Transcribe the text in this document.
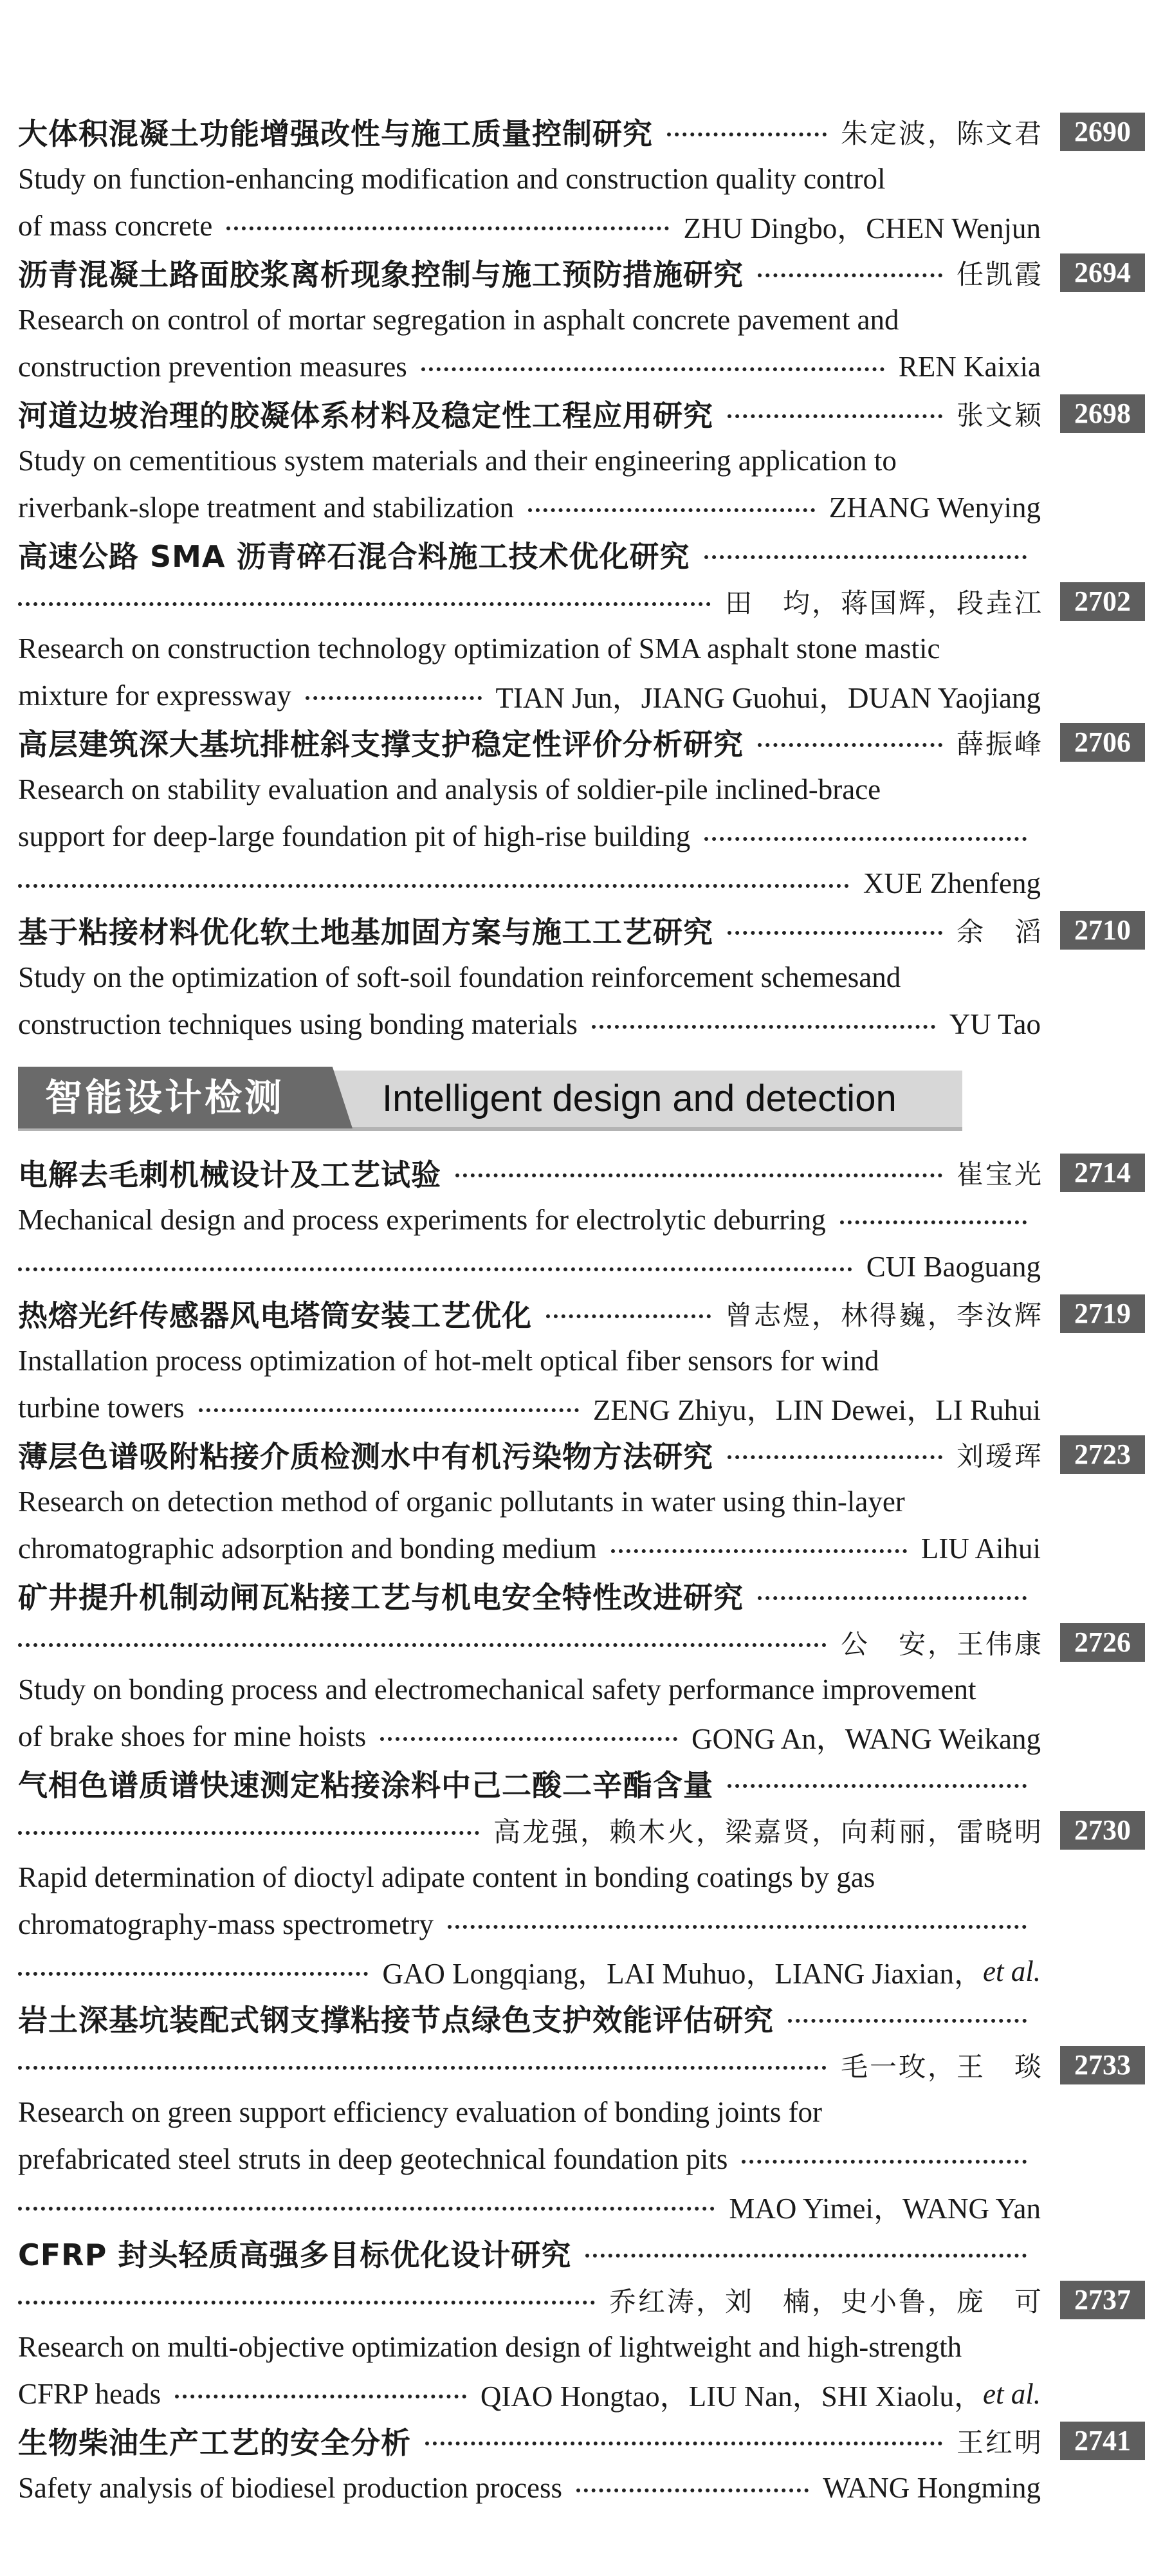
大体积混凝土功能增强改性与施工质量控制研究	朱定波，陈文君	2690
Study on function-enhancing modification and construction quality control
of mass concrete	ZHU Dingbo，CHEN Wenjun
沥青混凝土路面胶浆离析现象控制与施工预防措施研究	任凯霞	2694
Research on control of mortar segregation in asphalt concrete pavement and
construction prevention measures	REN Kaixia
河道边坡治理的胶凝体系材料及稳定性工程应用研究	张文颖	2698
Study on cementitious system materials and their engineering application to
riverbank-slope treatment and stabilization	ZHANG Wenying
高速公路 SMA 沥青碎石混合料施工技术优化研究
田　均，蒋国辉，段垚江	2702
Research on construction technology optimization of SMA asphalt stone mastic
mixture for expressway	TIAN Jun，JIANG Guohui，DUAN Yaojiang
高层建筑深大基坑排桩斜支撑支护稳定性评价分析研究	薛振峰	2706
Research on stability evaluation and analysis of soldier-pile inclined-brace
support for deep-large foundation pit of high-rise building
XUE Zhenfeng
基于粘接材料优化软土地基加固方案与施工工艺研究	余　滔	2710
Study on the optimization of soft-soil foundation reinforcement schemesand
construction techniques using bonding materials	YU Tao
智能设计检测	Intelligent design and detection
电解去毛刺机械设计及工艺试验	崔宝光	2714
Mechanical design and process experiments for electrolytic deburring
CUI Baoguang
热熔光纤传感器风电塔筒安装工艺优化	曾志煜，林得巍，李汝辉	2719
Installation process optimization of hot-melt optical fiber sensors for wind
turbine towers	ZENG Zhiyu，LIN Dewei，LI Ruhui
薄层色谱吸附粘接介质检测水中有机污染物方法研究	刘瑷珲	2723
Research on detection method of organic pollutants in water using thin-layer
chromatographic adsorption and bonding medium	LIU Aihui
矿井提升机制动闸瓦粘接工艺与机电安全特性改进研究
公　安，王伟康	2726
Study on bonding process and electromechanical safety performance improvement
of brake shoes for mine hoists	GONG An，WANG Weikang
气相色谱质谱快速测定粘接涂料中己二酸二辛酯含量
高龙强，赖木火，梁嘉贤，向莉丽，雷晓明	2730
Rapid determination of dioctyl adipate content in bonding coatings by gas
chromatography-mass spectrometry
GAO Longqiang，LAI Muhuo，LIANG Jiaxian， et al.
岩土深基坑装配式钢支撑粘接节点绿色支护效能评估研究
毛一玫，王　琰	2733
Research on green support efficiency evaluation of bonding joints for
prefabricated steel struts in deep geotechnical foundation pits
MAO Yimei，WANG Yan
CFRP 封头轻质高强多目标优化设计研究
乔红涛，刘　楠，史小鲁，庞　可	2737
Research on multi-objective optimization design of lightweight and high-strength
CFRP heads	QIAO Hongtao，LIU Nan，SHI Xiaolu， et al.
生物柴油生产工艺的安全分析	王红明	2741
Safety analysis of biodiesel production process	WANG Hongming
